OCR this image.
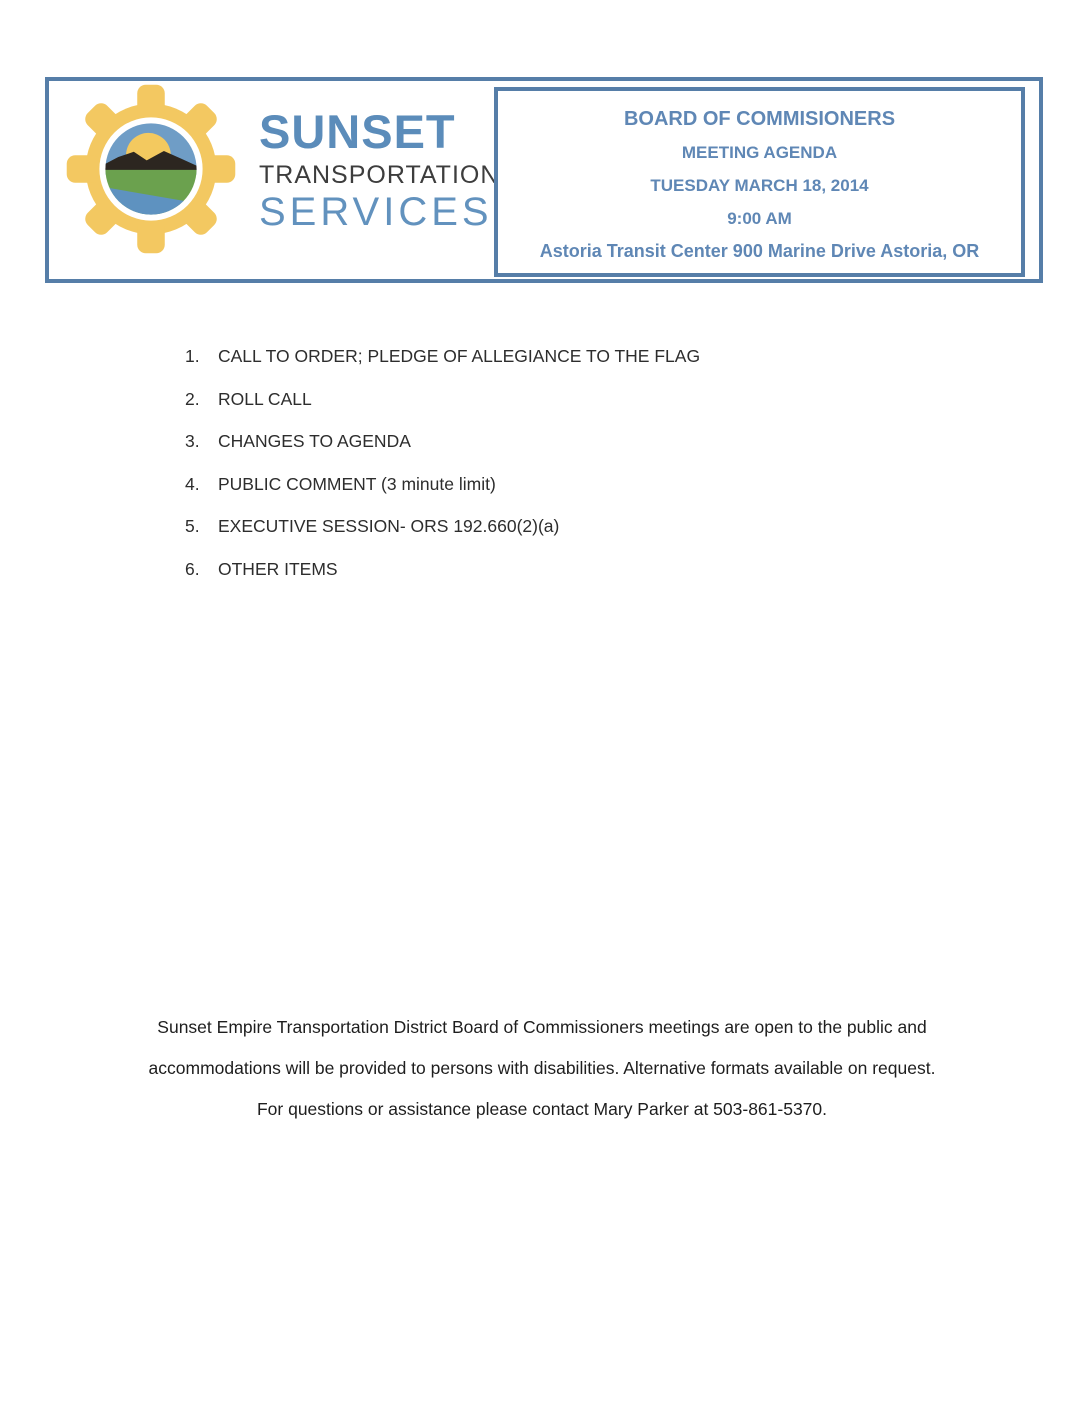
SUNSET
TRANSPORTATION
SERVICES
BOARD OF COMMISIONERS
MEETING AGENDA
TUESDAY MARCH 18, 2014
9:00 AM
Astoria Transit Center 900 Marine Drive Astoria, OR
1.	CALL TO ORDER; PLEDGE OF ALLEGIANCE TO THE FLAG
2.	ROLL CALL
3.	CHANGES TO AGENDA
4.	PUBLIC COMMENT (3 minute limit)
5.	EXECUTIVE SESSION- ORS 192.660(2)(a)
6.	OTHER ITEMS
Sunset Empire Transportation District Board of Commissioners meetings are open to the public and
accommodations will be provided to persons with disabilities. Alternative formats available on request.
For questions or assistance please contact Mary Parker at 503-861-5370.
